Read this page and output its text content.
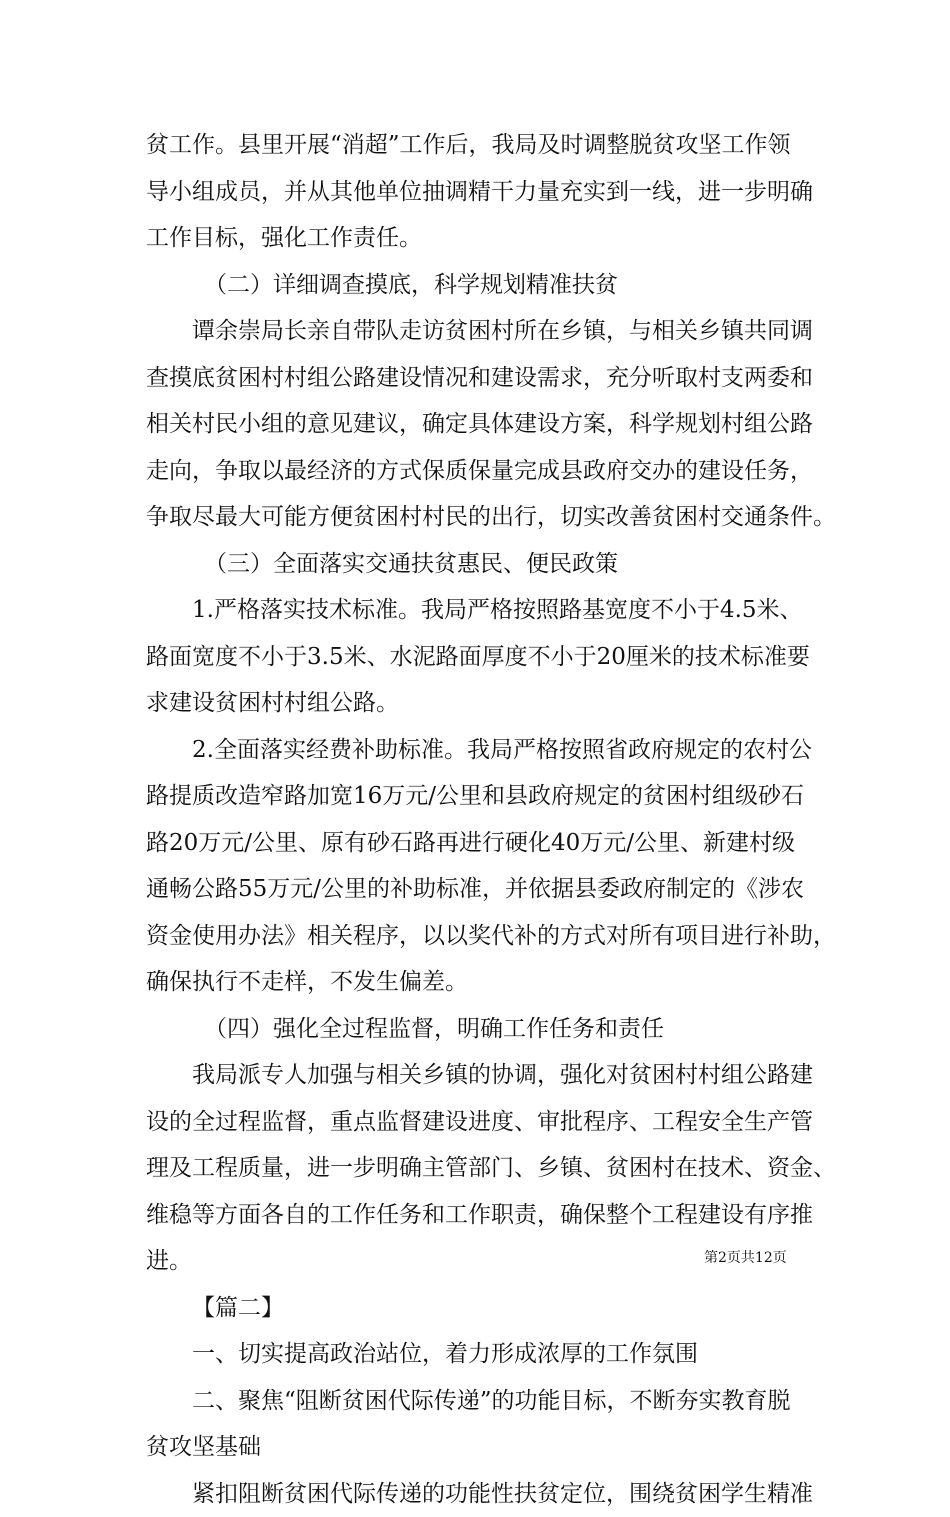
贫工作。县里开展“消超”工作后，我局及时调整脱贫攻坚工作领
导小组成员，并从其他单位抽调精干力量充实到一线，进一步明确
工作目标，强化工作责任。
（二）详细调查摸底，科学规划精准扶贫
谭余崇局长亲自带队走访贫困村所在乡镇，与相关乡镇共同调
查摸底贫困村村组公路建设情况和建设需求，充分听取村支两委和
相关村民小组的意见建议，确定具体建设方案，科学规划村组公路
走向，争取以最经济的方式保质保量完成县政府交办的建设任务，
争取尽最大可能方便贫困村村民的出行，切实改善贫困村交通条件。
（三）全面落实交通扶贫惠民、便民政策
1.严格落实技术标准。我局严格按照路基宽度不小于4.5米、
路面宽度不小于3.5米、水泥路面厚度不小于20厘米的技术标准要
求建设贫困村村组公路。
2.全面落实经费补助标准。我局严格按照省政府规定的农村公
路提质改造窄路加宽16万元/公里和县政府规定的贫困村组级砂石
路20万元/公里、原有砂石路再进行硬化40万元/公里、新建村级
通畅公路55万元/公里的补助标准，并依据县委政府制定的《涉农
资金使用办法》相关程序，以以奖代补的方式对所有项目进行补助，
确保执行不走样，不发生偏差。
（四）强化全过程监督，明确工作任务和责任
我局派专人加强与相关乡镇的协调，强化对贫困村村组公路建
设的全过程监督，重点监督建设进度、审批程序、工程安全生产管
理及工程质量，进一步明确主管部门、乡镇、贫困村在技术、资金、
维稳等方面各自的工作任务和工作职责，确保整个工程建设有序推
进。
【篇二】
一、切实提高政治站位，着力形成浓厚的工作氛围
二、聚焦“阻断贫困代际传递”的功能目标，不断夯实教育脱
贫攻坚基础
紧扣阻断贫困代际传递的功能性扶贫定位，围绕贫困学生精准
第2页共12页
